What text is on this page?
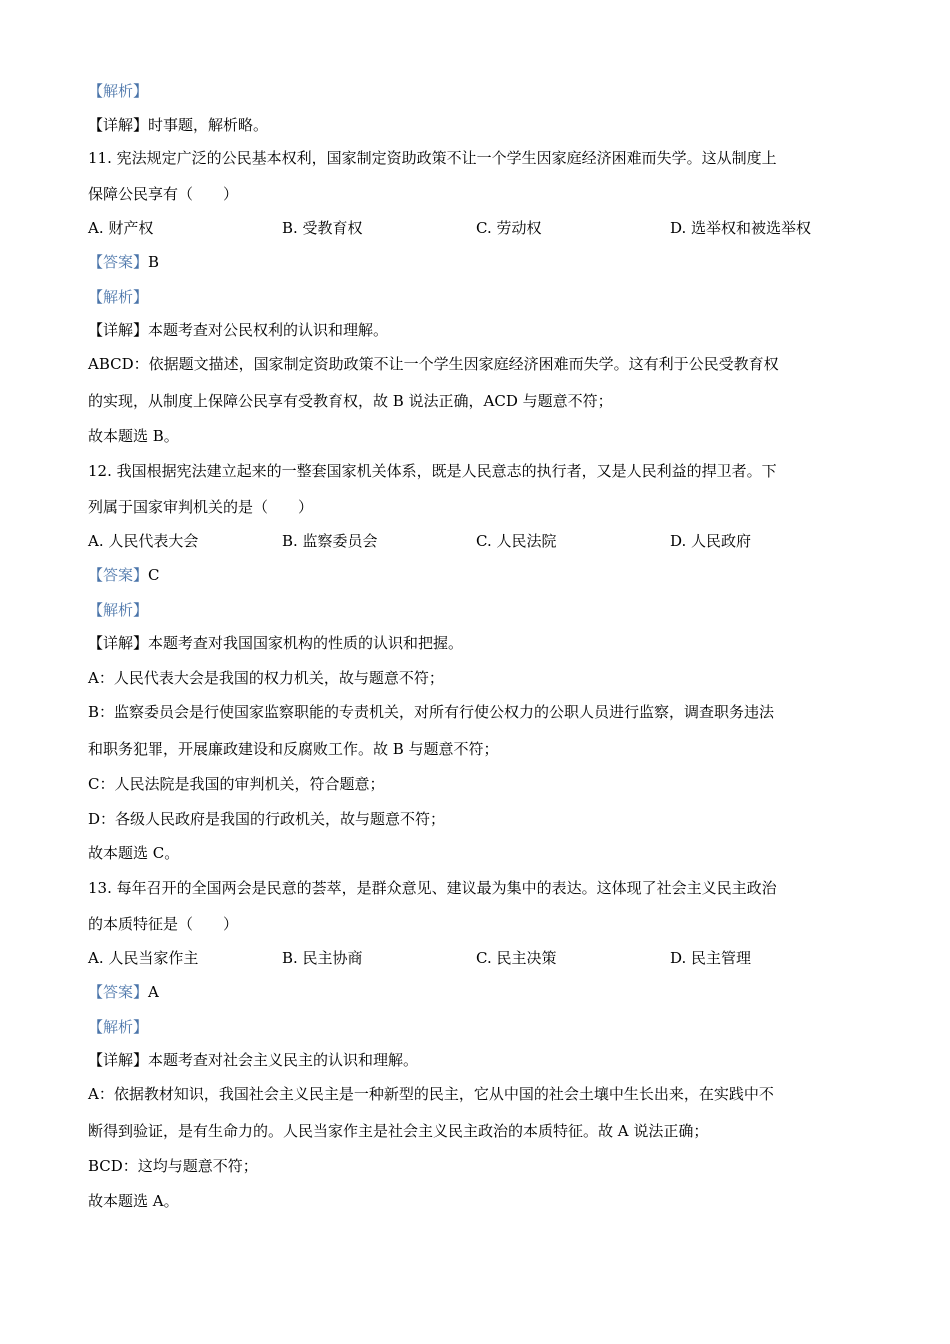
【解析】
【详解】时事题，解析略。
11. 宪法规定广泛的公民基本权利，国家制定资助政策不让一个学生因家庭经济困难而失学。这从制度上
保障公民享有（　　）
A. 财产权	B. 受教育权	C. 劳动权	D. 选举权和被选举权
【答案】B
【解析】
【详解】本题考查对公民权利的认识和理解。
ABCD：依据题文描述，国家制定资助政策不让一个学生因家庭经济困难而失学。这有利于公民受教育权
的实现，从制度上保障公民享有受教育权，故 B 说法正确，ACD 与题意不符；
故本题选 B。
12. 我国根据宪法建立起来的一整套国家机关体系，既是人民意志的执行者，又是人民利益的捍卫者。下
列属于国家审判机关的是（　　）
A. 人民代表大会	B. 监察委员会	C. 人民法院	D. 人民政府
【答案】C
【解析】
【详解】本题考查对我国国家机构的性质的认识和把握。
A：人民代表大会是我国的权力机关，故与题意不符；
B：监察委员会是行使国家监察职能的专责机关，对所有行使公权力的公职人员进行监察，调查职务违法
和职务犯罪，开展廉政建设和反腐败工作。故 B 与题意不符；
C：人民法院是我国的审判机关，符合题意；
D：各级人民政府是我国的行政机关，故与题意不符；
故本题选 C。
13. 每年召开的全国两会是民意的荟萃，是群众意见、建议最为集中的表达。这体现了社会主义民主政治
的本质特征是（　　）
A. 人民当家作主	B. 民主协商	C. 民主决策	D. 民主管理
【答案】A
【解析】
【详解】本题考查对社会主义民主的认识和理解。
A：依据教材知识，我国社会主义民主是一种新型的民主，它从中国的社会土壤中生长出来，在实践中不
断得到验证，是有生命力的。人民当家作主是社会主义民主政治的本质特征。故 A 说法正确；
BCD：这均与题意不符；
故本题选 A。
